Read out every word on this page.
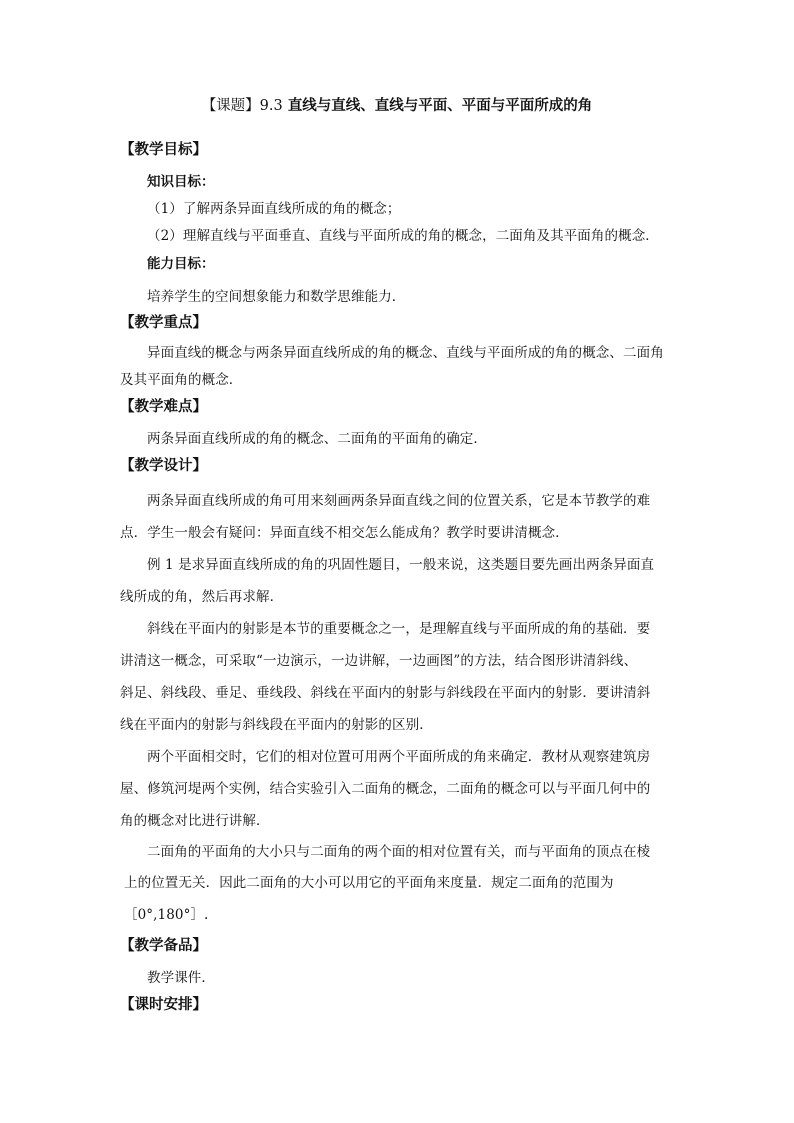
【课题】9.3 直线与直线、直线与平面、平面与平面所成的角
【教学目标】
知识目标：
（1）了解两条异面直线所成的角的概念；
（2）理解直线与平面垂直、直线与平面所成的角的概念，二面角及其平面角的概念．
能力目标：
培养学生的空间想象能力和数学思维能力．
【教学重点】
异面直线的概念与两条异面直线所成的角的概念、直线与平面所成的角的概念、二面角
及其平面角的概念．
【教学难点】
两条异面直线所成的角的概念、二面角的平面角的确定．
【教学设计】
两条异面直线所成的角可用来刻画两条异面直线之间的位置关系，它是本节教学的难
点．学生一般会有疑问：异面直线不相交怎么能成角？教学时要讲清概念．
例 1 是求异面直线所成的角的巩固性题目，一般来说，这类题目要先画出两条异面直
线所成的角，然后再求解．
斜线在平面内的射影是本节的重要概念之一，是理解直线与平面所成的角的基础．要
讲清这一概念，可采取“一边演示，一边讲解，一边画图”的方法，结合图形讲清斜线、
斜足、斜线段、垂足、垂线段、斜线在平面内的射影与斜线段在平面内的射影．要讲清斜
线在平面内的射影与斜线段在平面内的射影的区别．
两个平面相交时，它们的相对位置可用两个平面所成的角来确定．教材从观察建筑房
屋、修筑河堤两个实例，结合实验引入二面角的概念，二面角的概念可以与平面几何中的
角的概念对比进行讲解．
二面角的平面角的大小只与二面角的两个面的相对位置有关，而与平面角的顶点在棱
上的位置无关．因此二面角的大小可以用它的平面角来度量．规定二面角的范围为
［0°,180°］.
【教学备品】
教学课件．
【课时安排】
